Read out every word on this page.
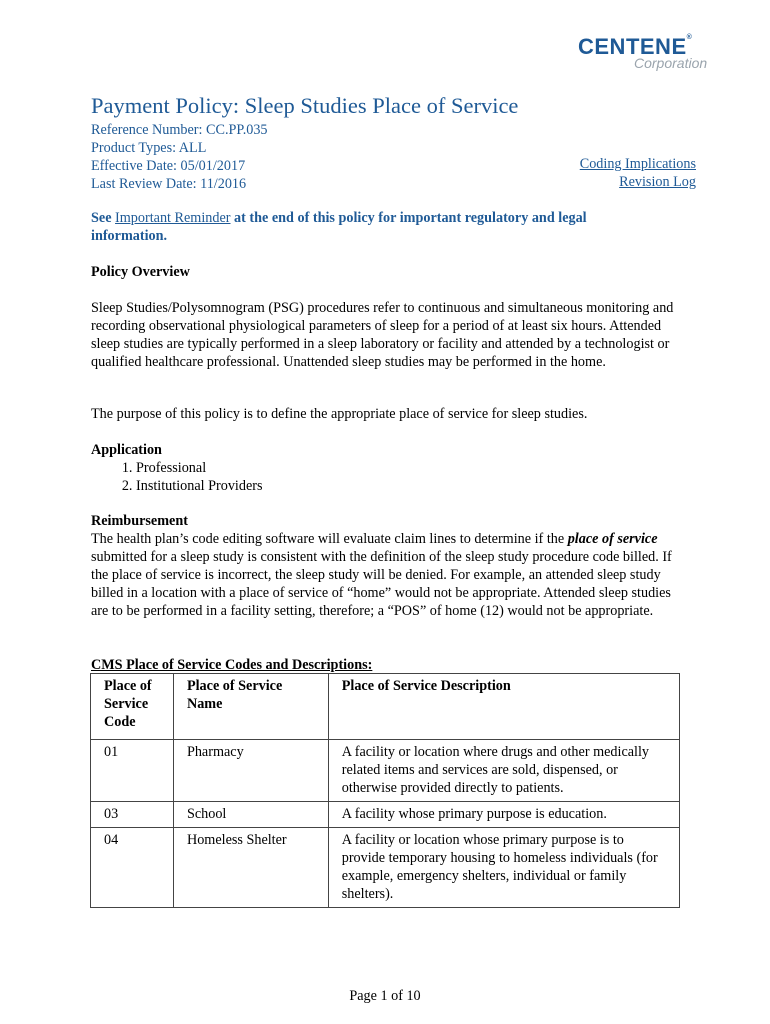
CENTENE®
Corporation
Payment Policy: Sleep Studies Place of Service
Reference Number: CC.PP.035
Product Types: ALL
Effective Date: 05/01/2017
Last Review Date: 11/2016
Coding Implications
Revision Log
See Important Reminder at the end of this policy for important regulatory and legal information.
Policy Overview
Sleep Studies/Polysomnogram (PSG) procedures refer to continuous and simultaneous monitoring and recording observational physiological parameters of sleep for a period of at least six hours. Attended sleep studies are typically performed in a sleep laboratory or facility and attended by a technologist or qualified healthcare professional. Unattended sleep studies may be performed in the home.
The purpose of this policy is to define the appropriate place of service for sleep studies.
Application
1. Professional
2. Institutional Providers
Reimbursement
The health plan’s code editing software will evaluate claim lines to determine if the place of service submitted for a sleep study is consistent with the definition of the sleep study procedure code billed. If the place of service is incorrect, the sleep study will be denied. For example, an attended sleep study billed in a location with a place of service of “home” would not be appropriate. Attended sleep studies are to be performed in a facility setting, therefore; a “POS” of home (12) would not be appropriate.
CMS Place of Service Codes and Descriptions:
Place of Service Code	Place of Service Name	Place of Service Description
01	Pharmacy	A facility or location where drugs and other medically related items and services are sold, dispensed, or otherwise provided directly to patients.
03	School	A facility whose primary purpose is education.
04	Homeless Shelter	A facility or location whose primary purpose is to provide temporary housing to homeless individuals (for example, emergency shelters, individual or family shelters).
Page 1 of 10
